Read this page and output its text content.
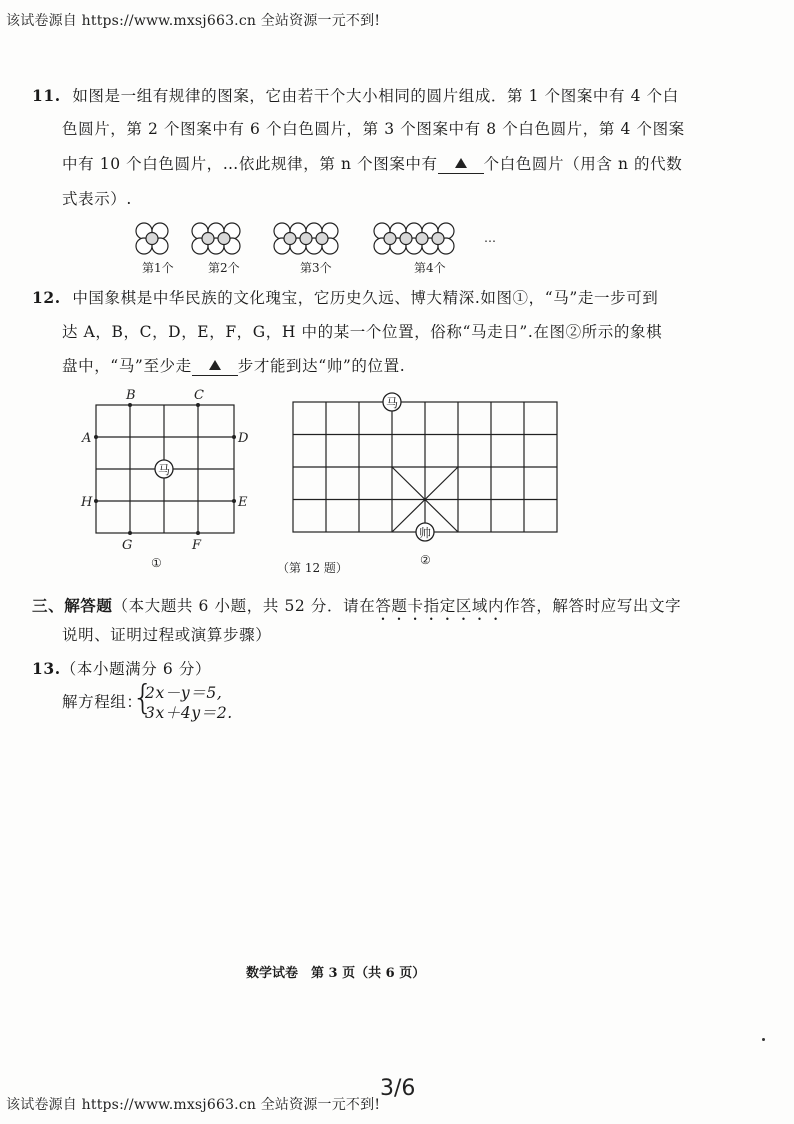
该试卷源自 https://www.mxsj663.cn 全站资源一元不到!
11. 如图是一组有规律的图案，它由若干个大小相同的圆片组成．第 1 个图案中有 4 个白
色圆片，第 2 个图案中有 6 个白色圆片，第 3 个图案中有 8 个白色圆片，第 4 个图案
中有 10 个白色圆片，…依此规律，第 n 个图案中有	个白色圆片（用含 n 的代数
式表示）.
…
第1个	第2个	第3个	第4个
12. 中国象棋是中华民族的文化瑰宝，它历史久远、博大精深.如图①，“马”走一步可到
达 A，B，C，D，E，F，G，H 中的某一个位置，俗称“马走日”.在图②所示的象棋
盘中，“马”至少走	步才能到达“帅”的位置.
马
B	C
A	D
H	E
G	F
①
马
帅
（第 12 题）
②
三、解答题（本大题共 6 小题，共 52 分．请在答题卡指定区域内作答，解答时应写出文字
说明、证明过程或演算步骤）
13.（本小题满分 6 分）
解方程组：
{
2x－y＝5,
3x＋4y＝2.
数学试卷　第 3 页（共 6 页）
该试卷源自 https://www.mxsj663.cn 全站资源一元不到!
3/6
